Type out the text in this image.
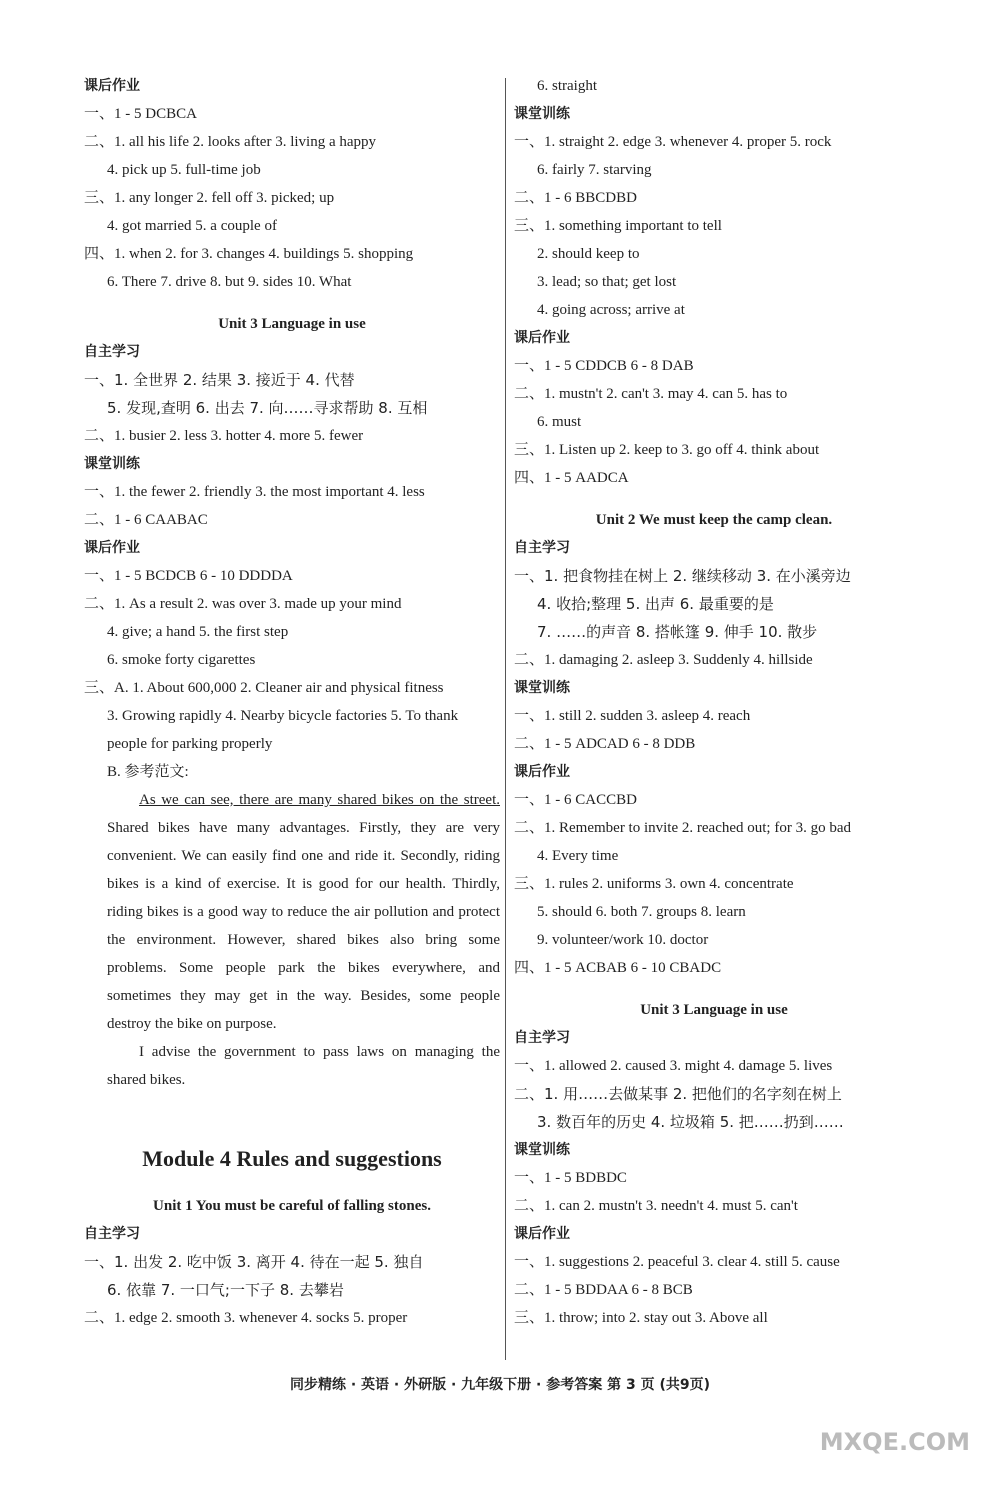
课后作业
一、1 - 5 DCBCA
二、1. all his life 2. looks after 3. living a happy
4. pick up 5. full-time job
三、1. any longer 2. fell off 3. picked; up
4. got married 5. a couple of
四、1. when 2. for 3. changes 4. buildings 5. shopping
6. There 7. drive 8. but 9. sides 10. What
Unit 3 Language in use
自主学习
一、1. 全世界 2. 结果 3. 接近于 4. 代替
5. 发现,查明 6. 出去 7. 向……寻求帮助 8. 互相
二、1. busier 2. less 3. hotter 4. more 5. fewer
课堂训练
一、1. the fewer 2. friendly 3. the most important 4. less
二、1 - 6 CAABAC
课后作业
一、1 - 5 BCDCB 6 - 10 DDDDA
二、1. As a result 2. was over 3. made up your mind
4. give; a hand 5. the first step
6. smoke forty cigarettes
三、A. 1. About 600,000 2. Cleaner air and physical fitness
3. Growing rapidly 4. Nearby bicycle factories 5. To thank
people for parking properly
B. 参考范文:

As we can see, there are many shared bikes on the street. Shared bikes have many advantages. Firstly, they are very convenient. We can easily find one and ride it. Secondly, riding bikes is a kind of exercise. It is good for our health. Thirdly, riding bikes is a good way to reduce the air pollution and protect the environment. However, shared bikes also bring some problems. Some people park the bikes everywhere, and sometimes they may get in the way. Besides, some people destroy the bike on purpose.

I advise the government to pass laws on managing the shared bikes.

Module 4 Rules and suggestions
Unit 1 You must be careful of falling stones.
自主学习
一、1. 出发 2. 吃中饭 3. 离开 4. 待在一起 5. 独自
6. 依靠 7. 一口气;一下子 8. 去攀岩
二、1. edge 2. smooth 3. whenever 4. socks 5. proper
6. straight
课堂训练
一、1. straight 2. edge 3. whenever 4. proper 5. rock
6. fairly 7. starving
二、1 - 6 BBCDBD
三、1. something important to tell
2. should keep to
3. lead; so that; get lost
4. going across; arrive at
课后作业
一、1 - 5 CDDCB 6 - 8 DAB
二、1. mustn't 2. can't 3. may 4. can 5. has to
6. must
三、1. Listen up 2. keep to 3. go off 4. think about
四、1 - 5 AADCA
Unit 2 We must keep the camp clean.
自主学习
一、1. 把食物挂在树上 2. 继续移动 3. 在小溪旁边
4. 收拾;整理 5. 出声 6. 最重要的是
7. ……的声音 8. 搭帐篷 9. 伸手 10. 散步
二、1. damaging 2. asleep 3. Suddenly 4. hillside
课堂训练
一、1. still 2. sudden 3. asleep 4. reach
二、1 - 5 ADCAD 6 - 8 DDB
课后作业
一、1 - 6 CACCBD
二、1. Remember to invite 2. reached out; for 3. go bad
4. Every time
三、1. rules 2. uniforms 3. own 4. concentrate
5. should 6. both 7. groups 8. learn
9. volunteer/work 10. doctor
四、1 - 5 ACBAB 6 - 10 CBADC
Unit 3 Language in use
自主学习
一、1. allowed 2. caused 3. might 4. damage 5. lives
二、1. 用……去做某事 2. 把他们的名字刻在树上
3. 数百年的历史 4. 垃圾箱 5. 把……扔到……
课堂训练
一、1 - 5 BDBDC
二、1. can 2. mustn't 3. needn't 4. must 5. can't
课后作业
一、1. suggestions 2. peaceful 3. clear 4. still 5. cause
二、1 - 5 BDDAA 6 - 8 BCB
三、1. throw; into 2. stay out 3. Above all
同步精练 · 英语 · 外研版 · 九年级下册 · 参考答案 第 3 页 (共9页)
MXQE.COM
